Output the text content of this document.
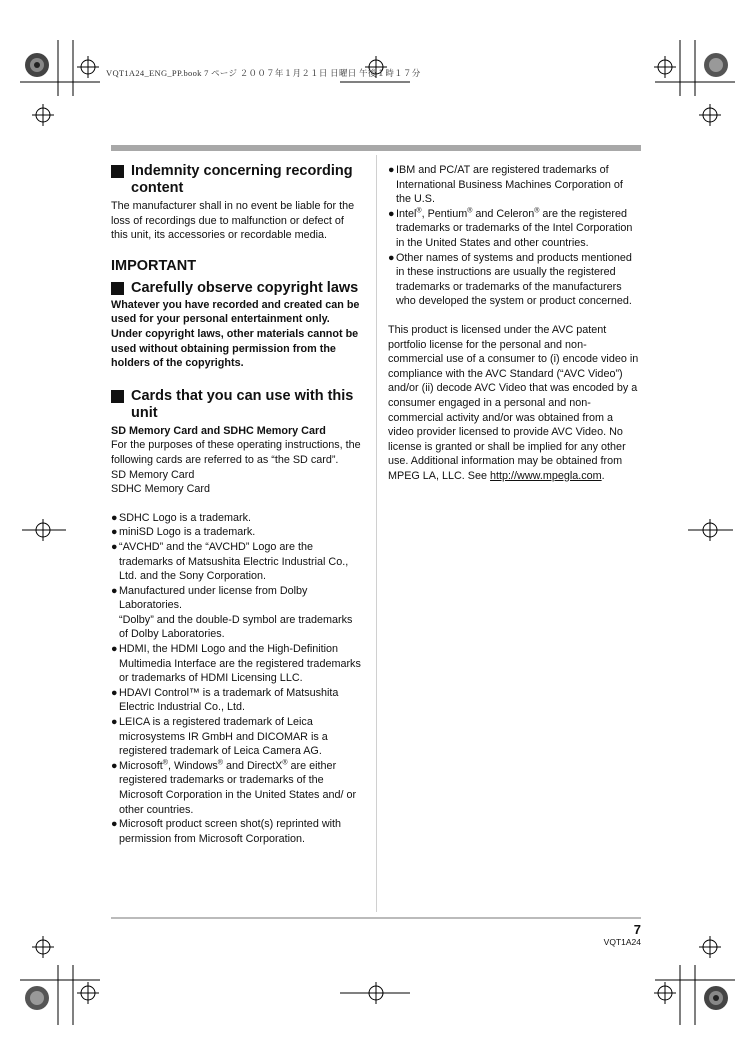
VQT1A24_ENG_PP.book 7 ページ ２００７年１月２１日 日曜日 午後１時１７分
Indemnity concerning recording content

The manufacturer shall in no event be liable for the loss of recordings due to malfunction or defect of this unit, its accessories or recordable media.

IMPORTANT
Carefully observe copyright laws

Whatever you have recorded and created can be used for your personal entertainment only. Under copyright laws, other materials cannot be used without obtaining permission from the holders of the copyrights.

Cards that you can use with this unit

SD Memory Card and SDHC Memory Card

For the purposes of these operating instructions, the following cards are referred to as “the SD card”.

SD Memory Card

SDHC Memory Card

● SDHC Logo is a trademark.
● miniSD Logo is a trademark.
● “AVCHD” and the “AVCHD” Logo are the trademarks of Matsushita Electric Industrial Co., Ltd. and the Sony Corporation.
● Manufactured under license from Dolby Laboratories.
“Dolby” and the double-D symbol are trademarks of Dolby Laboratories.
● HDMI, the HDMI Logo and the High-Definition Multimedia Interface are the registered trademarks or trademarks of HDMI Licensing LLC.
● HDAVI Control™ is a trademark of Matsushita Electric Industrial Co., Ltd.
● LEICA is a registered trademark of Leica microsystems IR GmbH and DICOMAR is a registered trademark of Leica Camera AG.
● Microsoft®, Windows® and DirectX® are either registered trademarks or trademarks of the Microsoft Corporation in the United States and/ or other countries.
● Microsoft product screen shot(s) reprinted with permission from Microsoft Corporation.
● IBM and PC/AT are registered trademarks of International Business Machines Corporation of the U.S.
● Intel®, Pentium® and Celeron® are the registered trademarks or trademarks of the Intel Corporation in the United States and other countries.
● Other names of systems and products mentioned in these instructions are usually the registered trademarks or trademarks of the manufacturers who developed the system or product concerned.

This product is licensed under the AVC patent portfolio license for the personal and non-commercial use of a consumer to (i) encode video in compliance with the AVC Standard (“AVC Video”) and/or (ii) decode AVC Video that was encoded by a consumer engaged in a personal and non-commercial activity and/or was obtained from a video provider licensed to provide AVC Video. No license is granted or shall be implied for any other use. Additional information may be obtained from MPEG LA, LLC. See http://www.mpegla.com.

7
VQT1A24
